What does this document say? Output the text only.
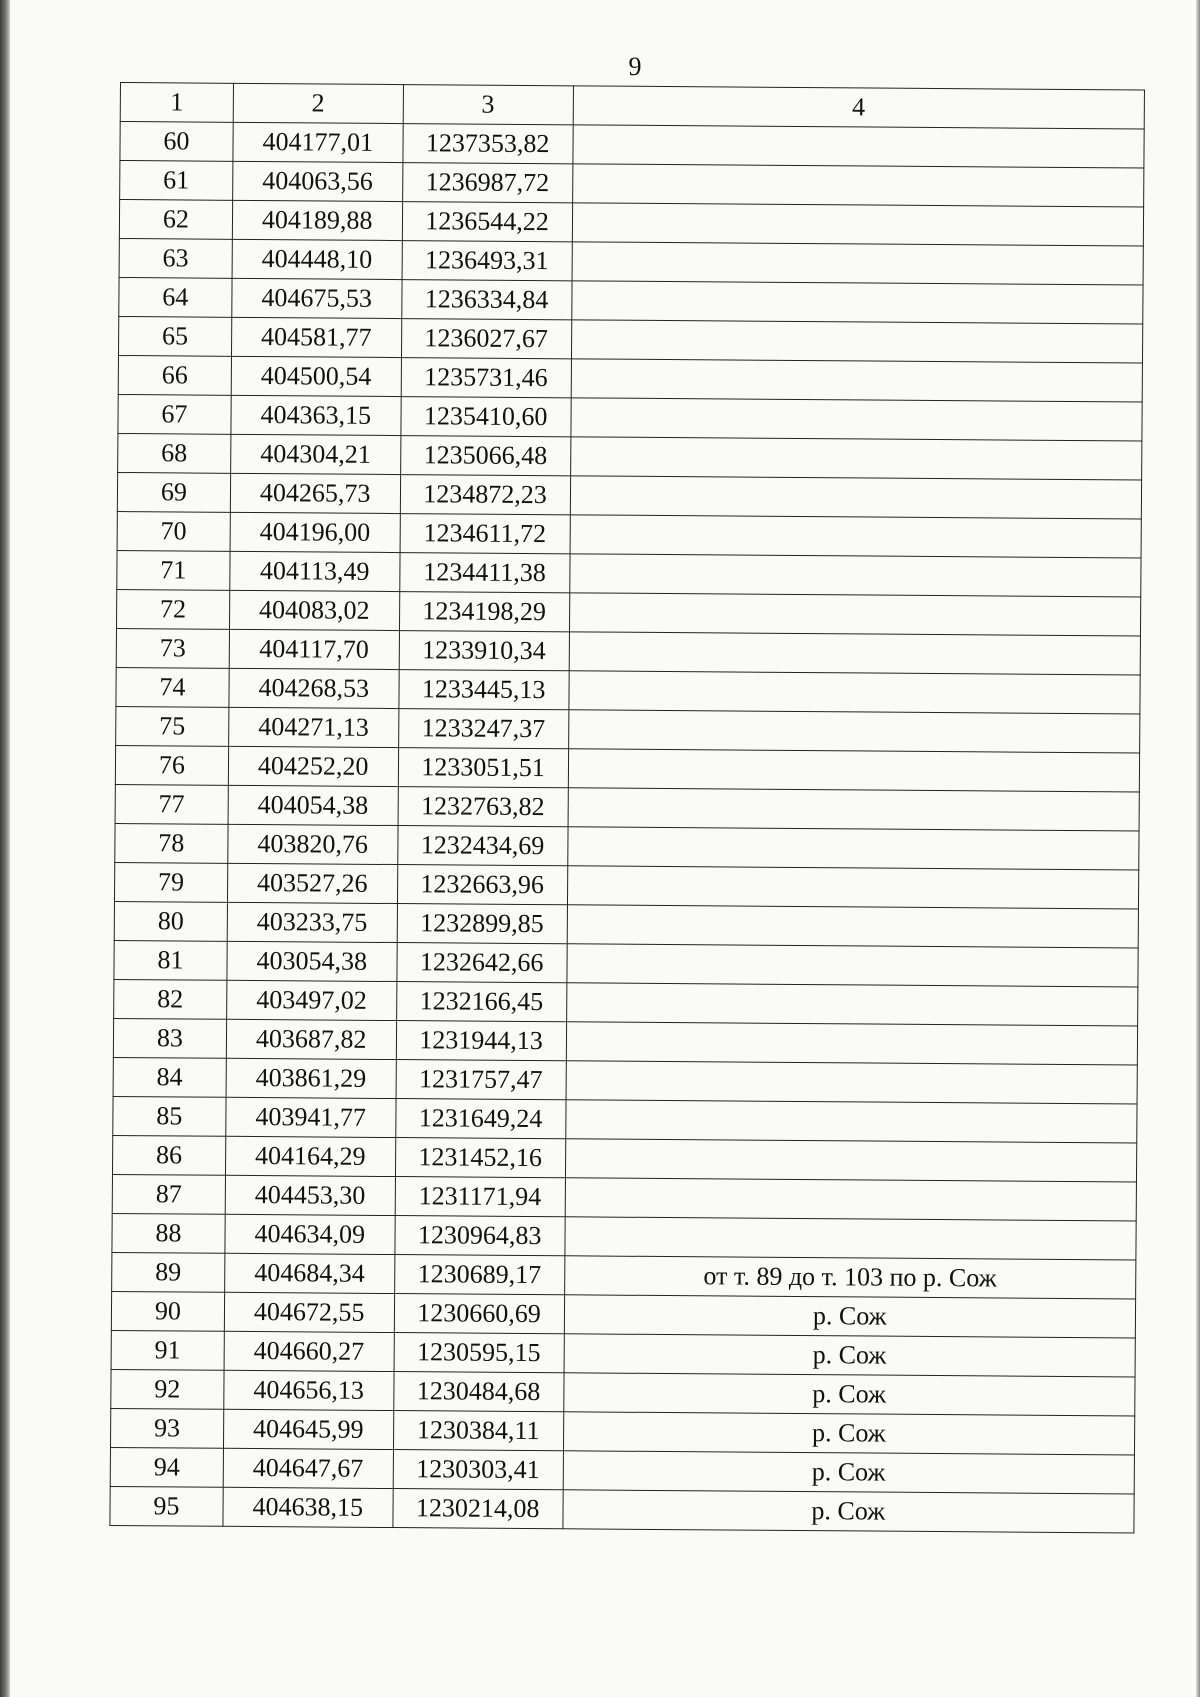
9
1	2	3	4
60	404177,01	1237353,82	
61	404063,56	1236987,72	
62	404189,88	1236544,22	
63	404448,10	1236493,31	
64	404675,53	1236334,84	
65	404581,77	1236027,67	
66	404500,54	1235731,46	
67	404363,15	1235410,60	
68	404304,21	1235066,48	
69	404265,73	1234872,23	
70	404196,00	1234611,72	
71	404113,49	1234411,38	
72	404083,02	1234198,29	
73	404117,70	1233910,34	
74	404268,53	1233445,13	
75	404271,13	1233247,37	
76	404252,20	1233051,51	
77	404054,38	1232763,82	
78	403820,76	1232434,69	
79	403527,26	1232663,96	
80	403233,75	1232899,85	
81	403054,38	1232642,66	
82	403497,02	1232166,45	
83	403687,82	1231944,13	
84	403861,29	1231757,47	
85	403941,77	1231649,24	
86	404164,29	1231452,16	
87	404453,30	1231171,94	
88	404634,09	1230964,83	
89	404684,34	1230689,17	от т. 89 до т. 103 по р. Сож
90	404672,55	1230660,69	р. Сож
91	404660,27	1230595,15	р. Сож
92	404656,13	1230484,68	р. Сож
93	404645,99	1230384,11	р. Сож
94	404647,67	1230303,41	р. Сож
95	404638,15	1230214,08	р. Сож
